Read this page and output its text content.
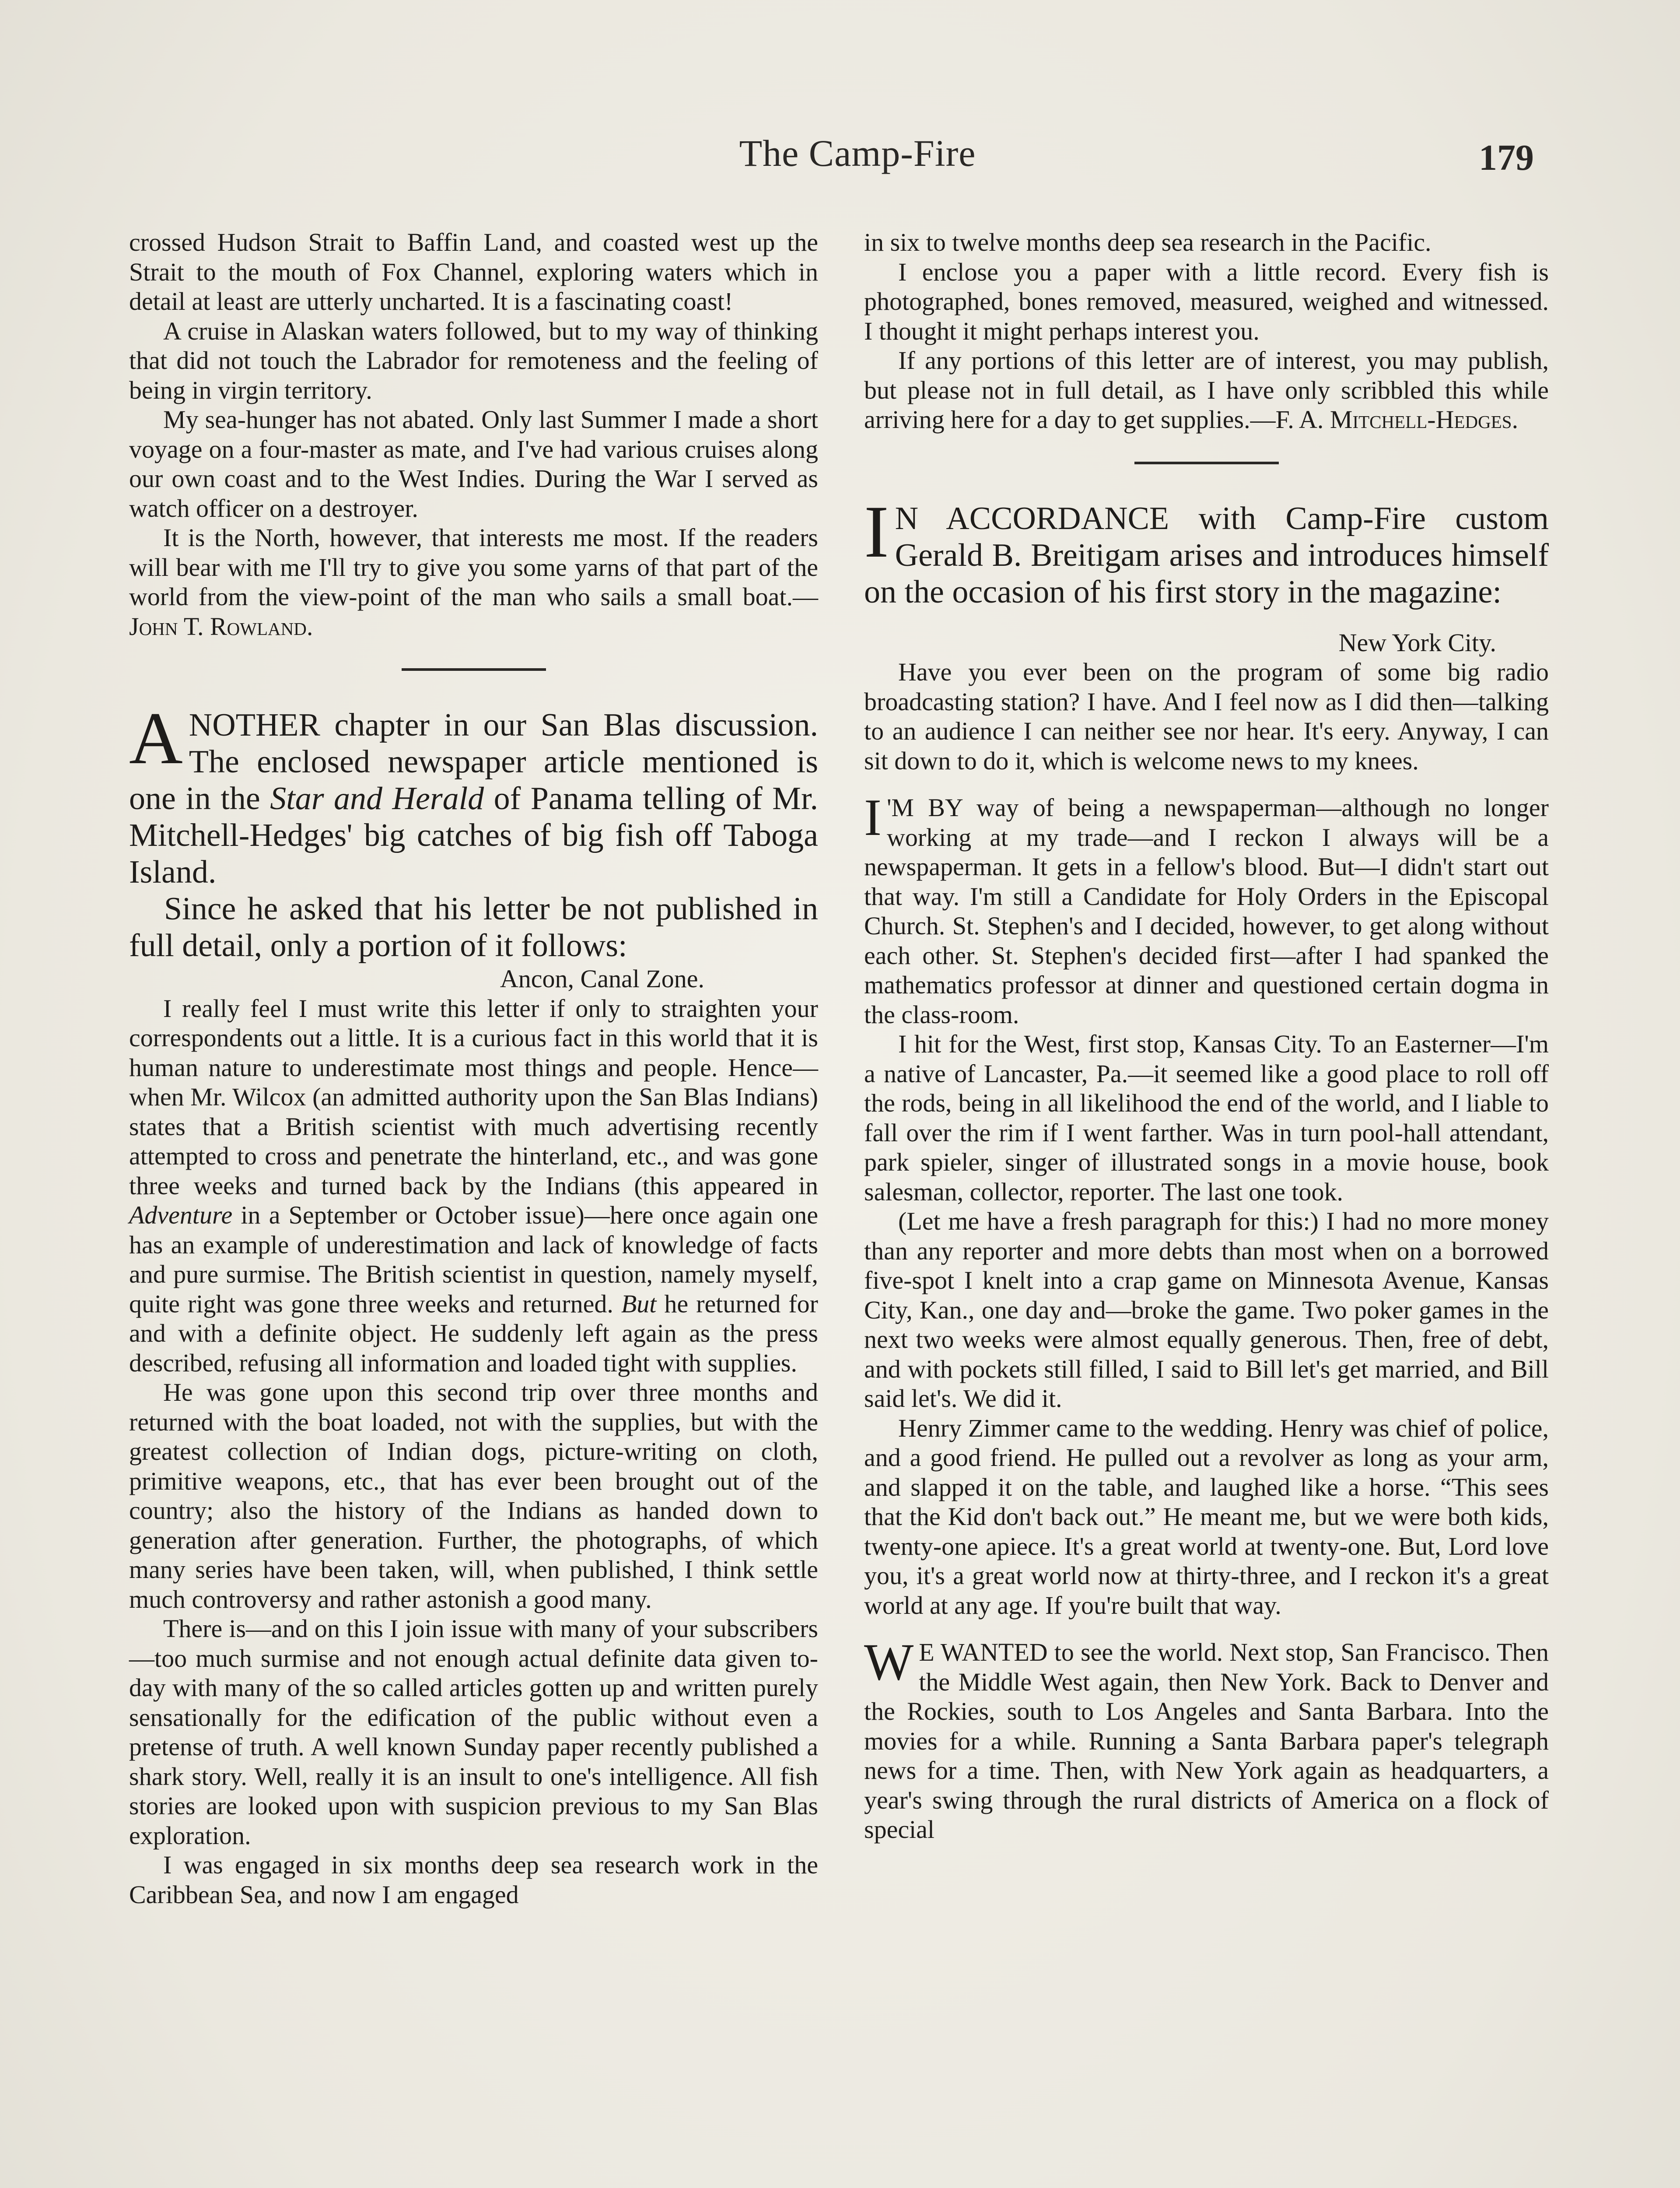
The Camp-Fire	179

crossed Hudson Strait to Baffin Land, and coasted west up the Strait to the mouth of Fox Channel, exploring waters which in detail at least are utterly uncharted. It is a fascinating coast!

A cruise in Alaskan waters followed, but to my way of thinking that did not touch the Labrador for remoteness and the feeling of being in virgin territory.

My sea-hunger has not abated. Only last Summer I made a short voyage on a four-master as mate, and I've had various cruises along our own coast and to the West Indies. During the War I served as watch officer on a destroyer.

It is the North, however, that interests me most. If the readers will bear with me I'll try to give you some yarns of that part of the world from the view-point of the man who sails a small boat.—John T. Rowland.

ANOTHER chapter in our San Blas discussion. The enclosed newspaper article mentioned is one in the Star and Herald of Panama telling of Mr. Mitchell-Hedges' big catches of big fish off Taboga Island.

Since he asked that his letter be not published in full detail, only a portion of it follows:

Ancon, Canal Zone.

I really feel I must write this letter if only to straighten your correspondents out a little. It is a curious fact in this world that it is human nature to underestimate most things and people. Hence—when Mr. Wilcox (an admitted authority upon the San Blas Indians) states that a British scientist with much advertising recently attempted to cross and penetrate the hinterland, etc., and was gone three weeks and turned back by the Indians (this appeared in Adventure in a September or October issue)—here once again one has an example of underestimation and lack of knowledge of facts and pure surmise. The British scientist in question, namely myself, quite right was gone three weeks and returned. But he returned for and with a definite object. He suddenly left again as the press described, refusing all information and loaded tight with supplies.

He was gone upon this second trip over three months and returned with the boat loaded, not with the supplies, but with the greatest collection of Indian dogs, picture-writing on cloth, primitive weapons, etc., that has ever been brought out of the country; also the history of the Indians as handed down to generation after generation. Further, the photographs, of which many series have been taken, will, when published, I think settle much controversy and rather astonish a good many.

There is—and on this I join issue with many of your subscribers—too much surmise and not enough actual definite data given to-day with many of the so called articles gotten up and written purely sensationally for the edification of the public without even a pretense of truth. A well known Sunday paper recently published a shark story. Well, really it is an insult to one's intelligence. All fish stories are looked upon with suspicion previous to my San Blas exploration.

I was engaged in six months deep sea research work in the Caribbean Sea, and now I am engaged

in six to twelve months deep sea research in the Pacific.

I enclose you a paper with a little record. Every fish is photographed, bones removed, measured, weighed and witnessed. I thought it might perhaps interest you.

If any portions of this letter are of interest, you may publish, but please not in full detail, as I have only scribbled this while arriving here for a day to get supplies.—F. A. Mitchell-Hedges.

I N ACCORDANCE with Camp-Fire custom Gerald B. Breitigam arises and introduces himself on the occasion of his first story in the magazine:

New York City.

Have you ever been on the program of some big radio broadcasting station? I have. And I feel now as I did then—talking to an audience I can neither see nor hear. It's eery. Anyway, I can sit down to do it, which is welcome news to my knees.

I 'M BY way of being a newspaperman—although no longer working at my trade—and I reckon I always will be a newspaperman. It gets in a fellow's blood. But—I didn't start out that way. I'm still a Candidate for Holy Orders in the Episcopal Church. St. Stephen's and I decided, however, to get along without each other. St. Stephen's decided first—after I had spanked the mathematics professor at dinner and questioned certain dogma in the class-room.

I hit for the West, first stop, Kansas City. To an Easterner—I'm a native of Lancaster, Pa.—it seemed like a good place to roll off the rods, being in all likelihood the end of the world, and I liable to fall over the rim if I went farther. Was in turn pool-hall attendant, park spieler, singer of illustrated songs in a movie house, book salesman, collector, reporter. The last one took.

(Let me have a fresh paragraph for this:) I had no more money than any reporter and more debts than most when on a borrowed five-spot I knelt into a crap game on Minnesota Avenue, Kansas City, Kan., one day and—broke the game. Two poker games in the next two weeks were almost equally generous. Then, free of debt, and with pockets still filled, I said to Bill let's get married, and Bill said let's. We did it.

Henry Zimmer came to the wedding. Henry was chief of police, and a good friend. He pulled out a revolver as long as your arm, and slapped it on the table, and laughed like a horse. “This sees that the Kid don't back out.” He meant me, but we were both kids, twenty-one apiece. It's a great world at twenty-one. But, Lord love you, it's a great world now at thirty-three, and I reckon it's a great world at any age. If you're built that way.

W E WANTED to see the world. Next stop, San Francisco. Then the Middle West again, then New York. Back to Denver and the Rockies, south to Los Angeles and Santa Barbara. Into the movies for a while. Running a Santa Barbara paper's telegraph news for a time. Then, with New York again as headquarters, a year's swing through the rural districts of America on a flock of special
